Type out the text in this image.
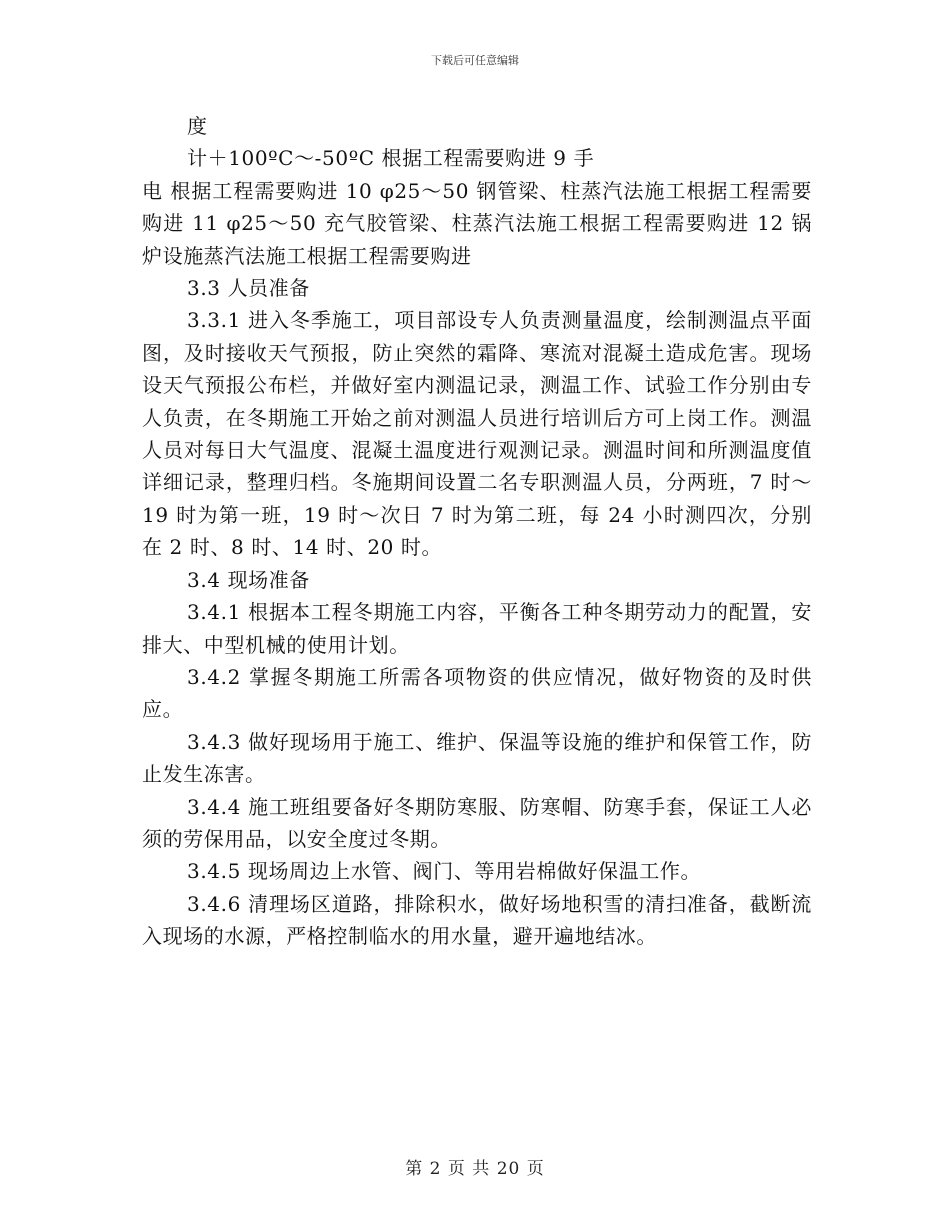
下载后可任意编辑

度

计＋100ºC～-50ºC 根据工程需要购进 9 手

电 根据工程需要购进 10 φ25～50 钢管梁、柱蒸汽法施工根据工程需要购进 11 φ25～50 充气胶管梁、柱蒸汽法施工根据工程需要购进 12 锅炉设施蒸汽法施工根据工程需要购进

3.3 人员准备

3.3.1 进入冬季施工，项目部设专人负责测量温度，绘制测温点平面图，及时接收天气预报，防止突然的霜降、寒流对混凝土造成危害。现场设天气预报公布栏，并做好室内测温记录，测温工作、试验工作分别由专人负责，在冬期施工开始之前对测温人员进行培训后方可上岗工作。测温人员对每日大气温度、混凝土温度进行观测记录。测温时间和所测温度值详细记录，整理归档。冬施期间设置二名专职测温人员，分两班，7 时～19 时为第一班，19 时～次日 7 时为第二班，每 24 小时测四次，分别在 2 时、8 时、14 时、20 时。

3.4 现场准备

3.4.1 根据本工程冬期施工内容，平衡各工种冬期劳动力的配置，安排大、中型机械的使用计划。

3.4.2 掌握冬期施工所需各项物资的供应情况，做好物资的及时供应。

3.4.3 做好现场用于施工、维护、保温等设施的维护和保管工作，防止发生冻害。

3.4.4 施工班组要备好冬期防寒服、防寒帽、防寒手套，保证工人必须的劳保用品，以安全度过冬期。

3.4.5 现场周边上水管、阀门、等用岩棉做好保温工作。

3.4.6 清理场区道路，排除积水，做好场地积雪的清扫准备，截断流入现场的水源，严格控制临水的用水量，避开遍地结冰。

第 2 页 共 20 页
